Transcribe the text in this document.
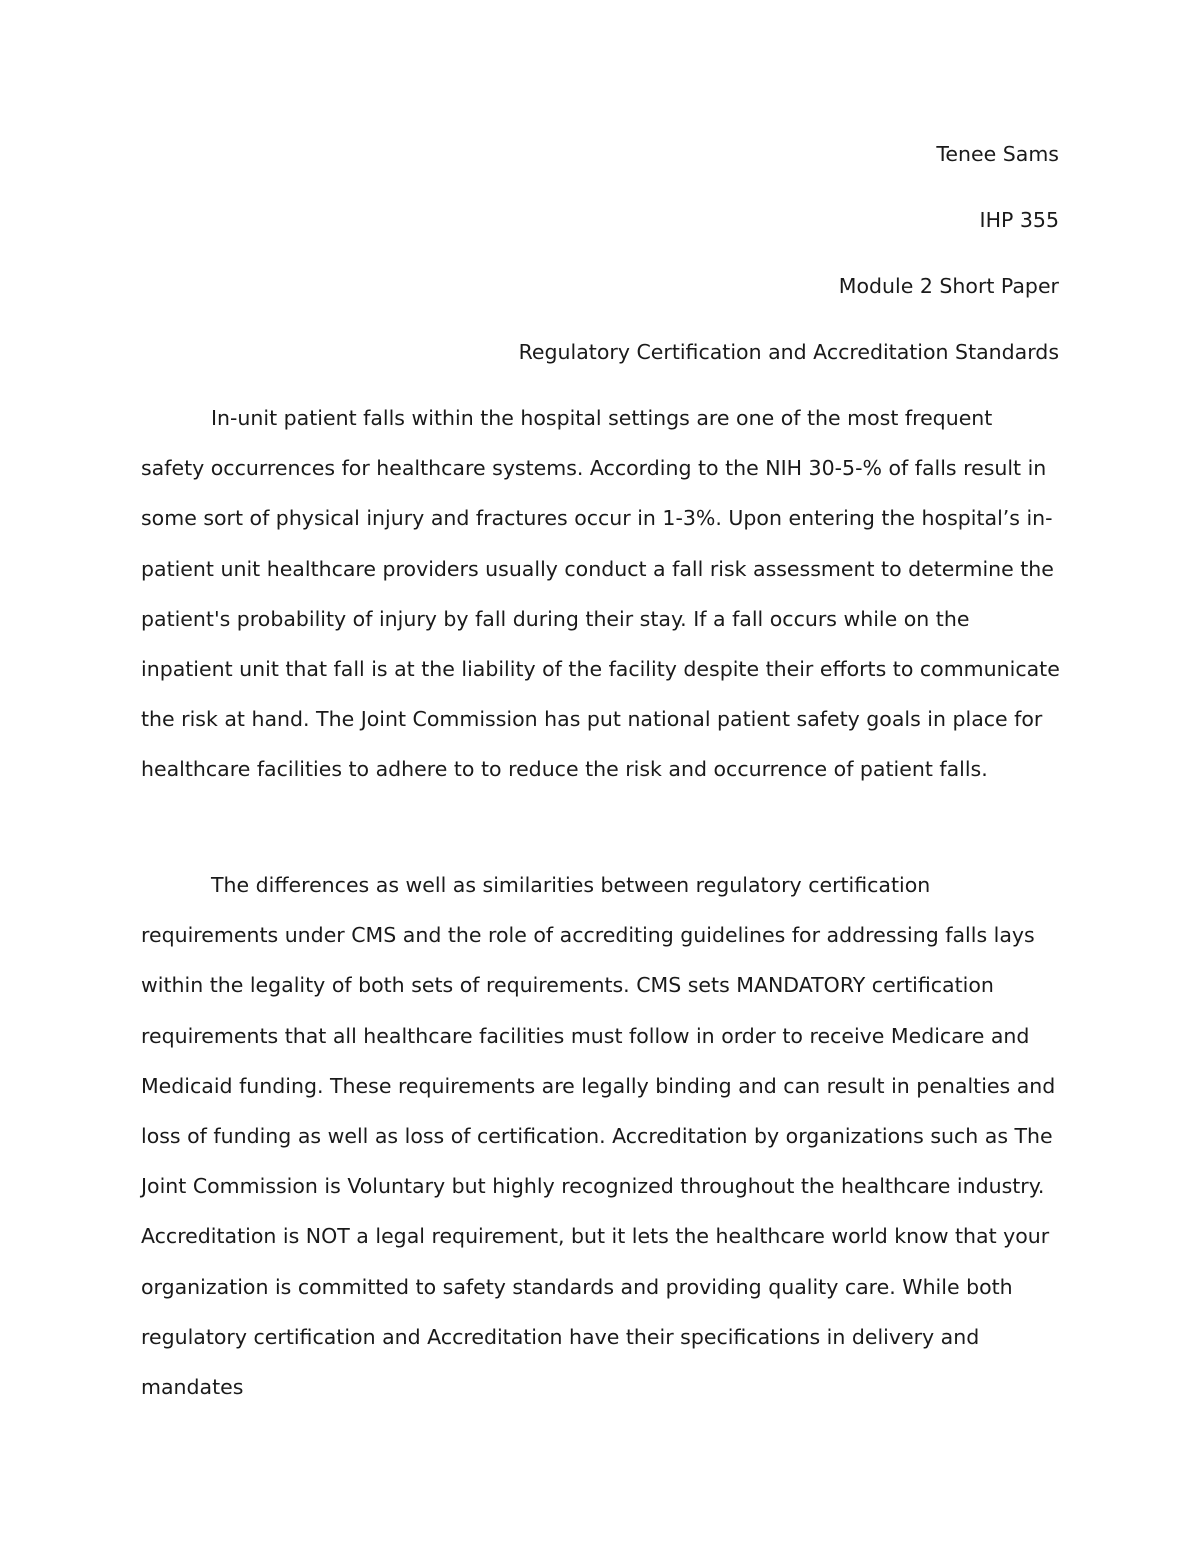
Tenee Sams
IHP 355
Module 2 Short Paper
Regulatory Certification and Accreditation Standards

In-unit patient falls within the hospital settings are one of the most frequent safety occurrences for healthcare systems. According to the NIH 30-5-% of falls result in some sort of physical injury and fractures occur in 1-3%. Upon entering the hospital’s in-patient unit healthcare providers usually conduct a fall risk assessment to determine the patient's probability of injury by fall during their stay. If a fall occurs while on the inpatient unit that fall is at the liability of the facility despite their efforts to communicate the risk at hand. The Joint Commission has put national patient safety goals in place for healthcare facilities to adhere to to reduce the risk and occurrence of patient falls.

The differences as well as similarities between regulatory certification requirements under CMS and the role of accrediting guidelines for addressing falls lays within the legality of both sets of requirements. CMS sets MANDATORY certification requirements that all healthcare facilities must follow in order to receive Medicare and Medicaid funding. These requirements are legally binding and can result in penalties and loss of funding as well as loss of certification. Accreditation by organizations such as The Joint Commission is Voluntary but highly recognized throughout the healthcare industry. Accreditation is NOT a legal requirement, but it lets the healthcare world know that your organization is committed to safety standards and providing quality care. While both regulatory certification and Accreditation have their specifications in delivery and mandates
